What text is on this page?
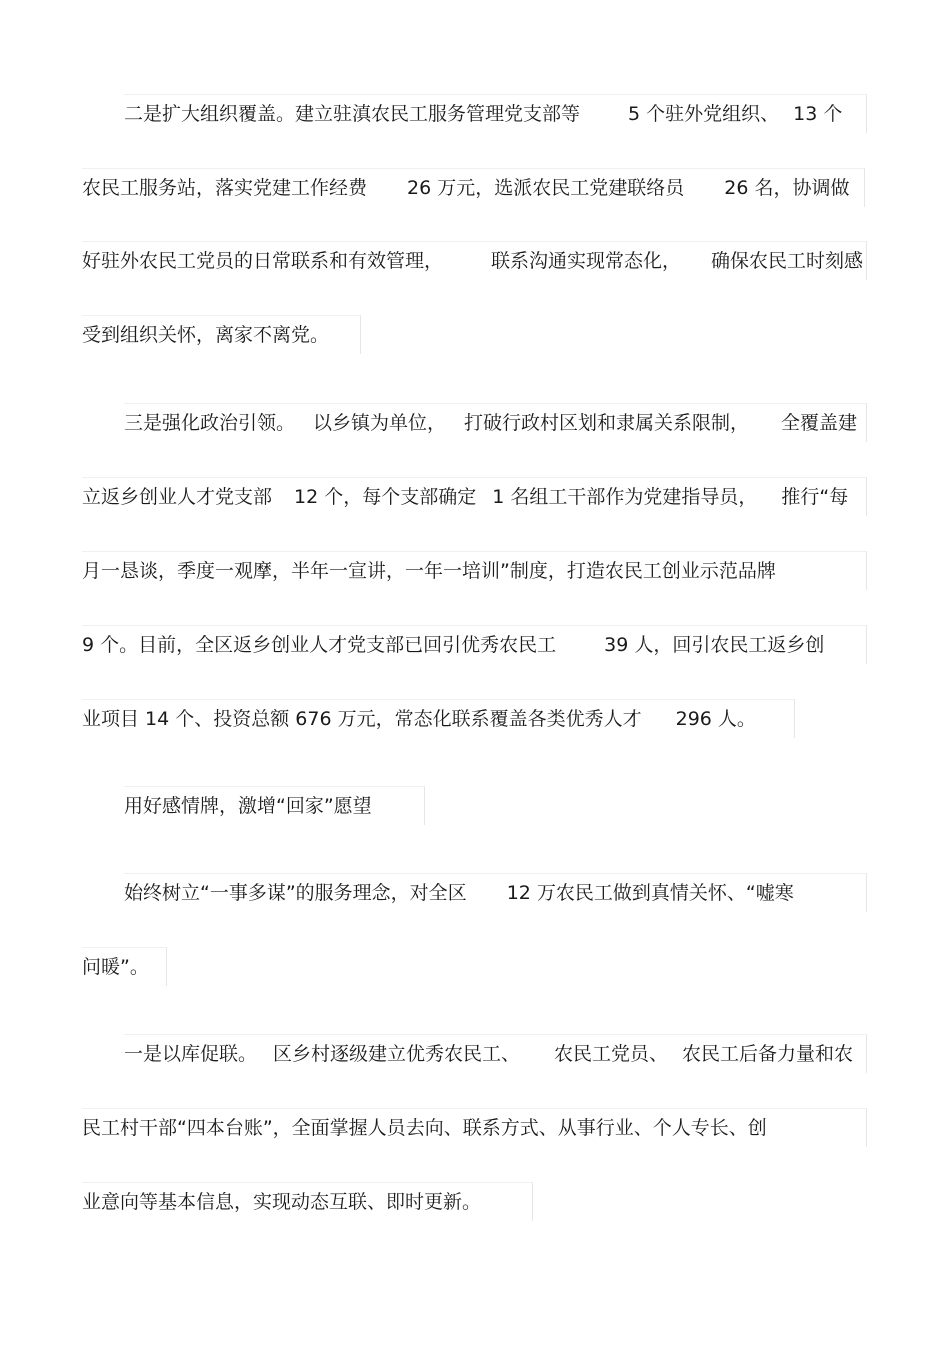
二是扩大组织覆盖。建立驻滇农民工服务管理党支部等	5 个驻外党组织、 13 个
农民工服务站，落实党建工作经费 26 万元，选派农民工党建联络员 26 名，协调做
好驻外农民工党员的日常联系和有效管理，	联系沟通实现常态化， 确保农民工时刻感
受到组织关怀，离家不离党。
三是强化政治引领。 以乡镇为单位， 打破行政村区划和隶属关系限制， 全覆盖建
立返乡创业人才党支部 12 个，每个支部确定 1 名组工干部作为党建指导员， 推行“每
月一恳谈，季度一观摩，半年一宣讲，一年一培训”制度，打造农民工创业示范品牌
9 个。目前，全区返乡创业人才党支部已回引优秀农民工	39 人，回引农民工返乡创
业项目 14 个、投资总额 676 万元，常态化联系覆盖各类优秀人才 296 人。
用好感情牌，激增“回家”愿望
始终树立“一事多谋”的服务理念，对全区 12 万农民工做到真情关怀、“嘘寒
问暖”。
一是以库促联。 区乡村逐级建立优秀农民工、 农民工党员、 农民工后备力量和农
民工村干部“四本台账”，全面掌握人员去向、联系方式、从事行业、个人专长、创
业意向等基本信息，实现动态互联、即时更新。
